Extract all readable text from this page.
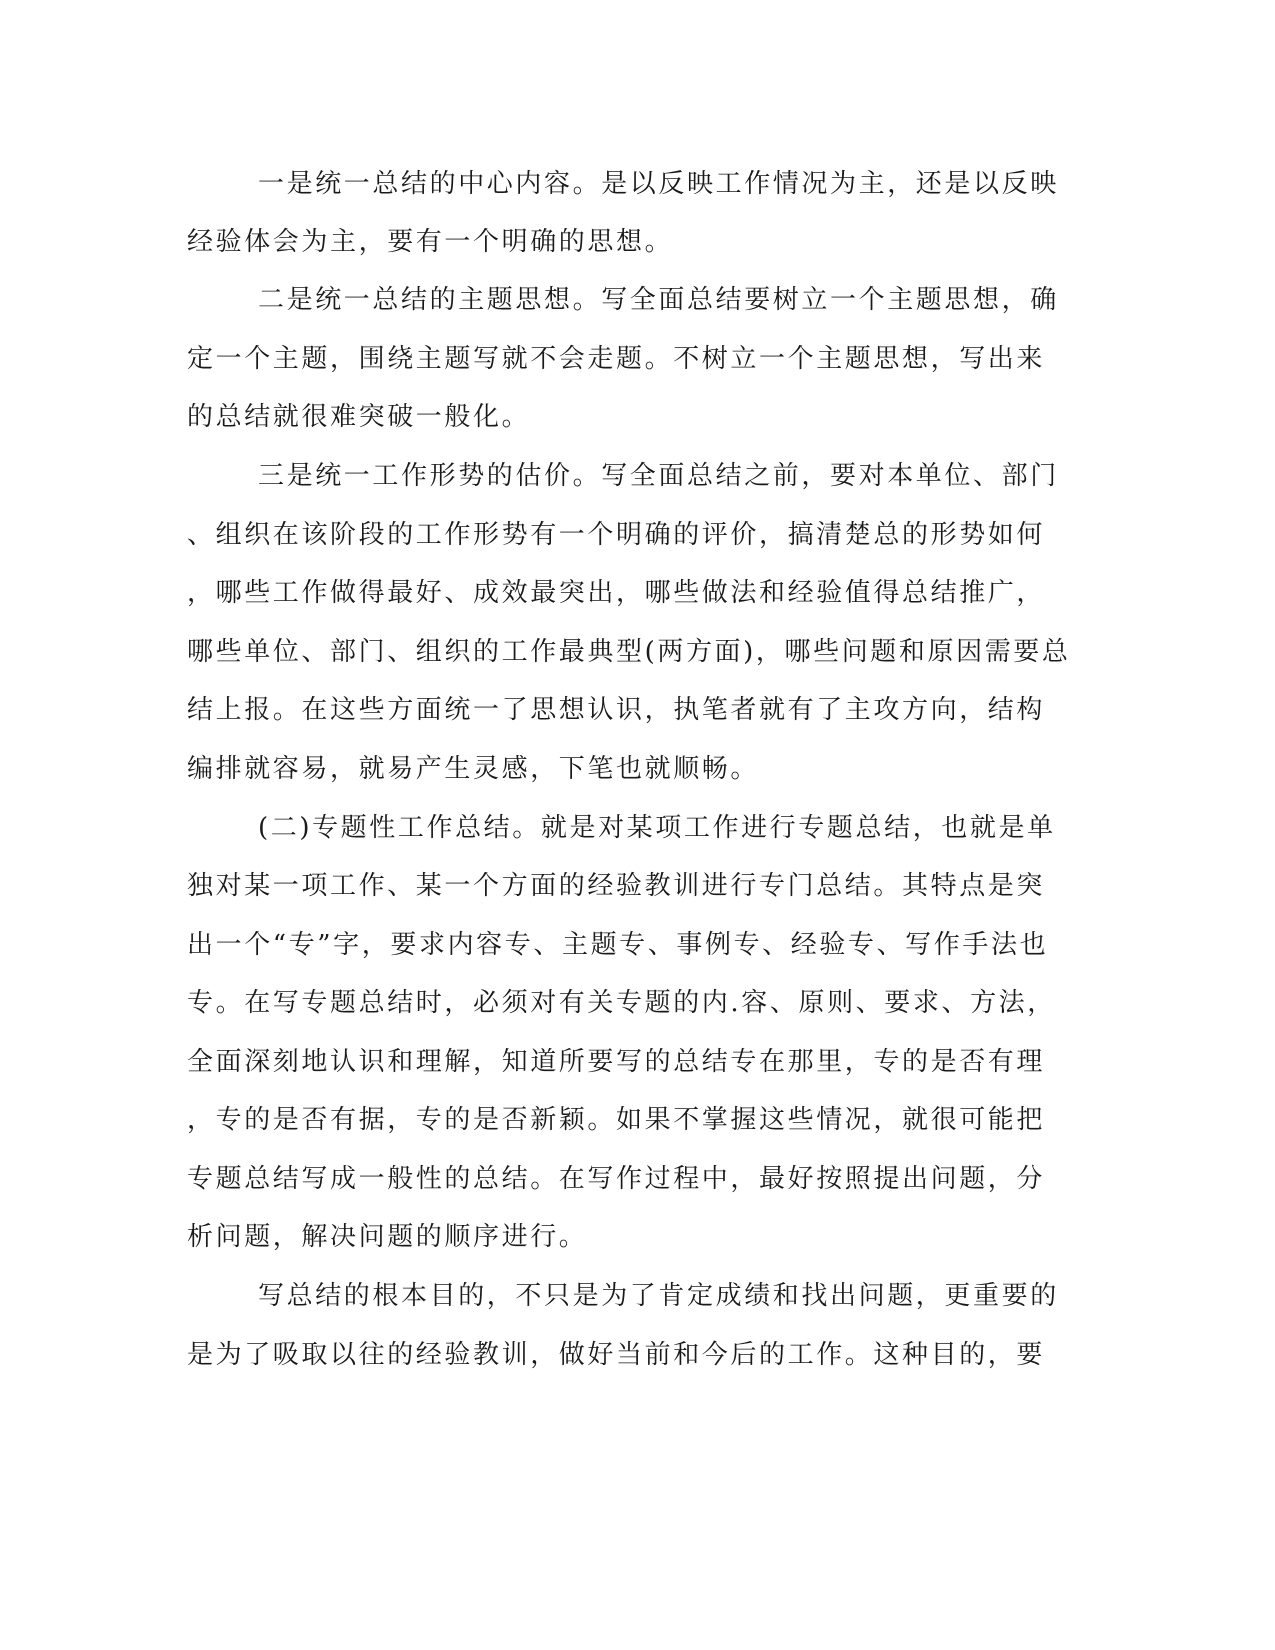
一是统一总结的中心内容。是以反映工作情况为主，还是以反映
经验体会为主，要有一个明确的思想。
二是统一总结的主题思想。写全面总结要树立一个主题思想，确
定一个主题，围绕主题写就不会走题。不树立一个主题思想，写出来
的总结就很难突破一般化。
三是统一工作形势的估价。写全面总结之前，要对本单位、部门
、组织在该阶段的工作形势有一个明确的评价，搞清楚总的形势如何
，哪些工作做得最好、成效最突出，哪些做法和经验值得总结推广，
哪些单位、部门、组织的工作最典型(两方面)，哪些问题和原因需要总
结上报。在这些方面统一了思想认识，执笔者就有了主攻方向，结构
编排就容易，就易产生灵感，下笔也就顺畅。
(二)专题性工作总结。就是对某项工作进行专题总结，也就是单
独对某一项工作、某一个方面的经验教训进行专门总结。其特点是突
出一个“专”字，要求内容专、主题专、事例专、经验专、写作手法也
专。在写专题总结时，必须对有关专题的内.容、原则、要求、方法，
全面深刻地认识和理解，知道所要写的总结专在那里，专的是否有理
，专的是否有据，专的是否新颖。如果不掌握这些情况，就很可能把
专题总结写成一般性的总结。在写作过程中，最好按照提出问题，分
析问题，解决问题的顺序进行。
写总结的根本目的，不只是为了肯定成绩和找出问题，更重要的
是为了吸取以往的经验教训，做好当前和今后的工作。这种目的，要
